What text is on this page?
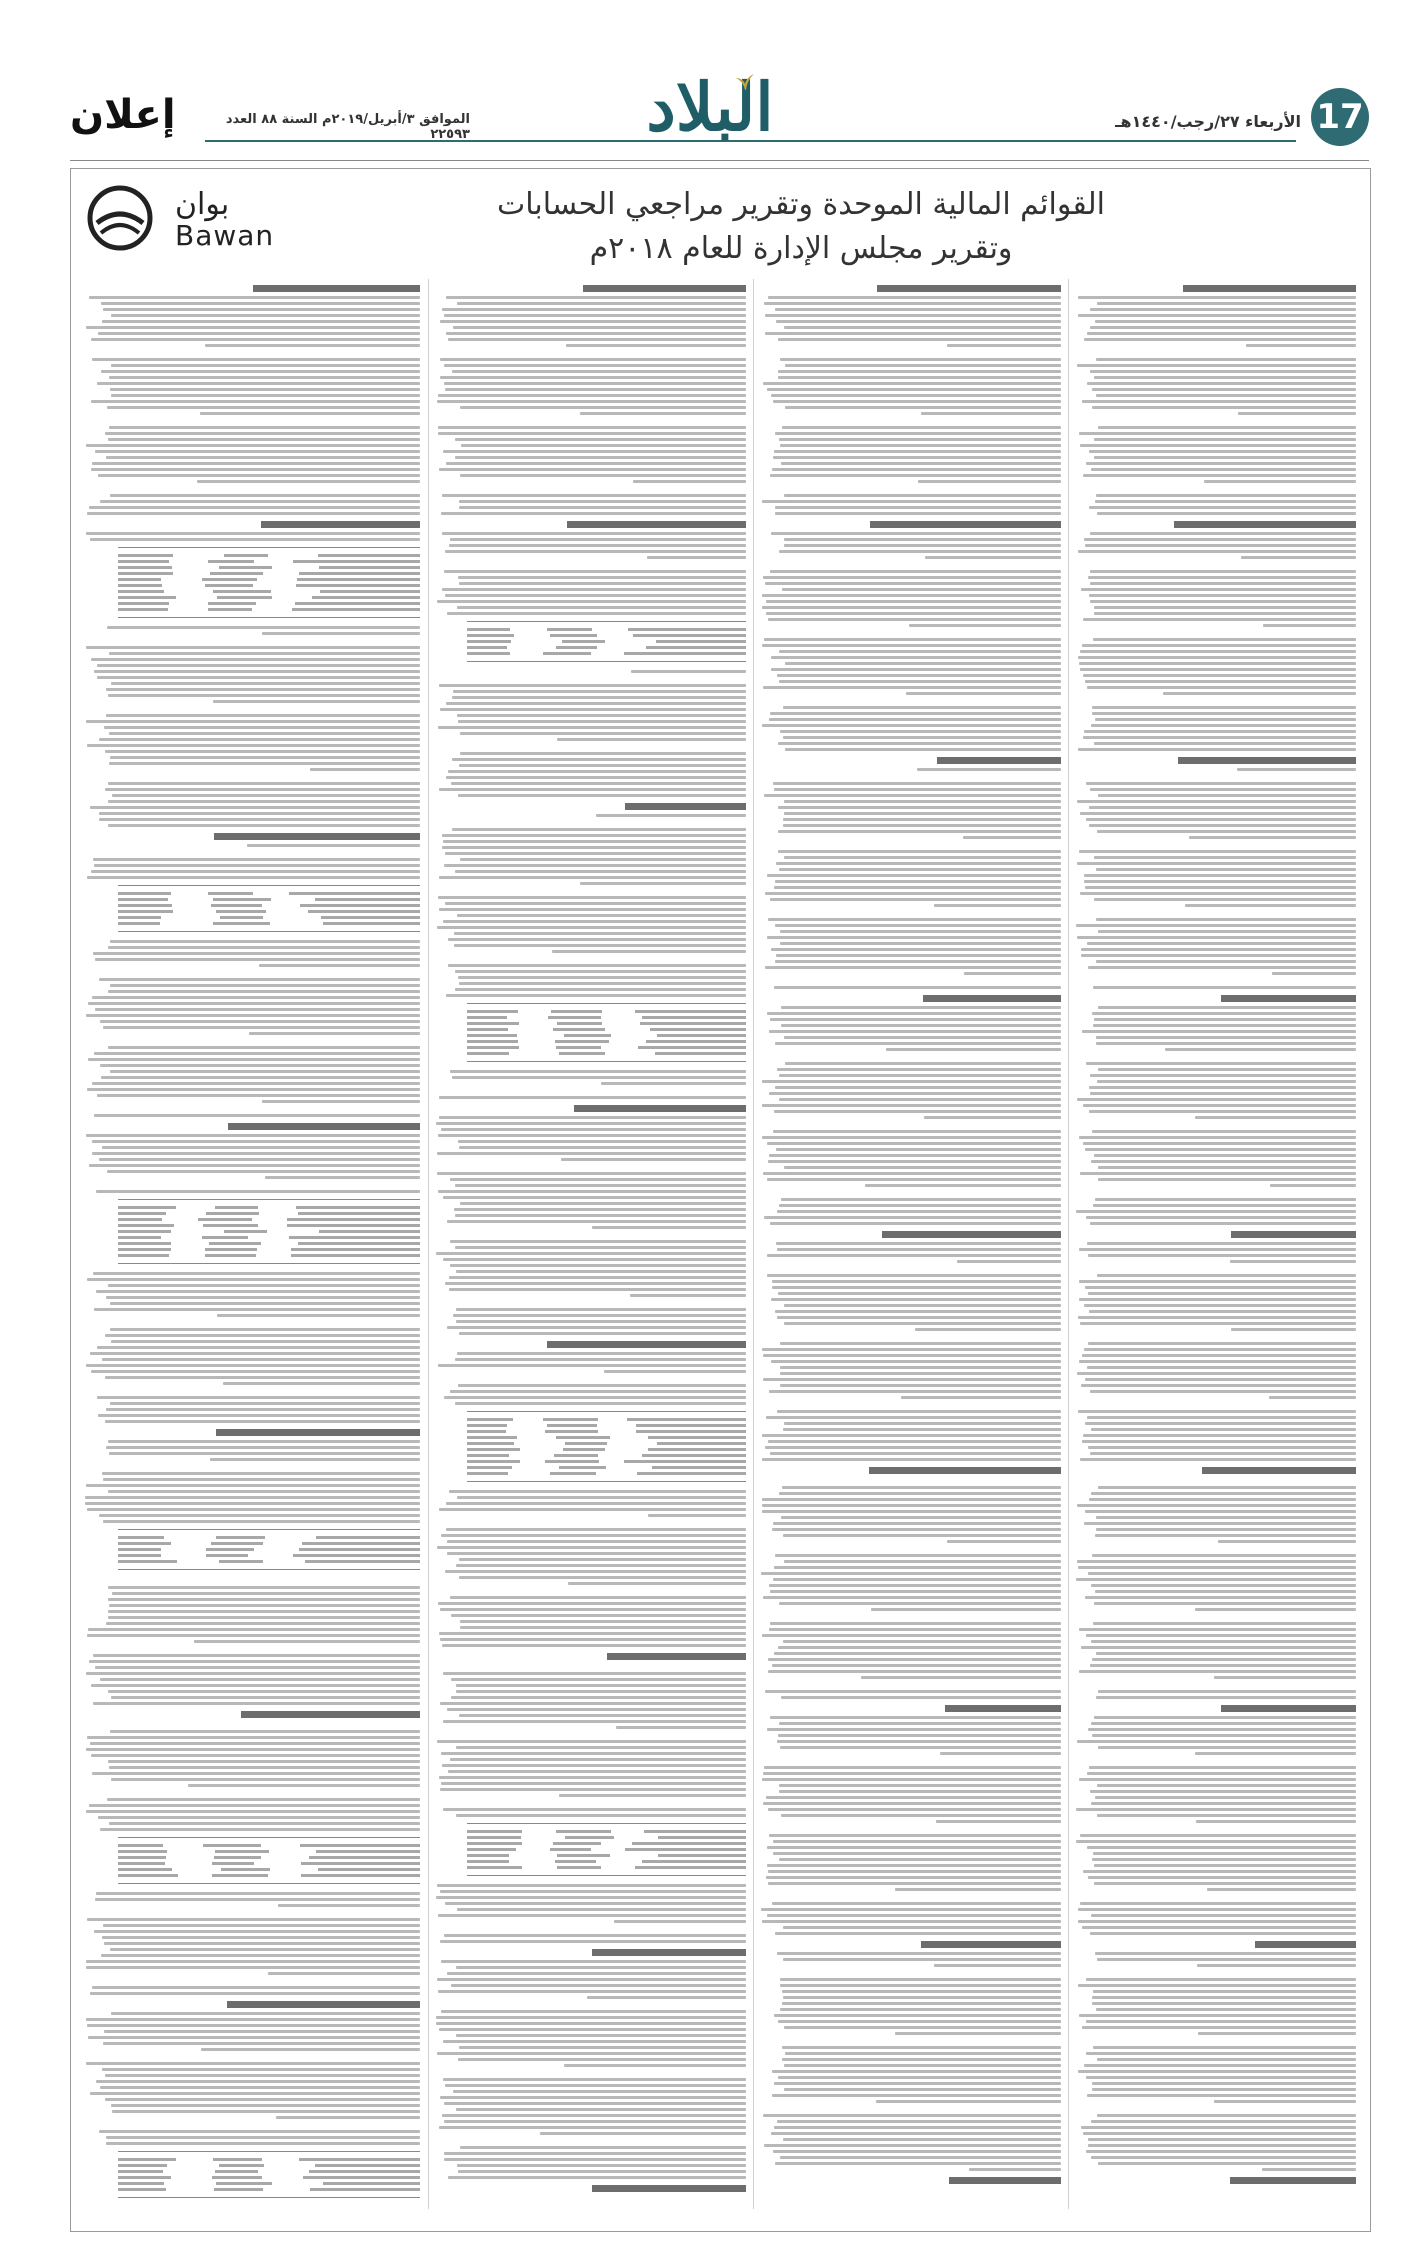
17
الأربعاء ٢٧/رجب/١٤٤٠هـ
البلاد
الموافق ٣/أبريل/٢٠١٩م السنة ٨٨ العدد ٢٢٥٩٣
إعلان
القوائم المالية الموحدة وتقرير مراجعي الحسابات
وتقرير مجلس الإدارة للعام ٢٠١٨م
بوان
Bawan
